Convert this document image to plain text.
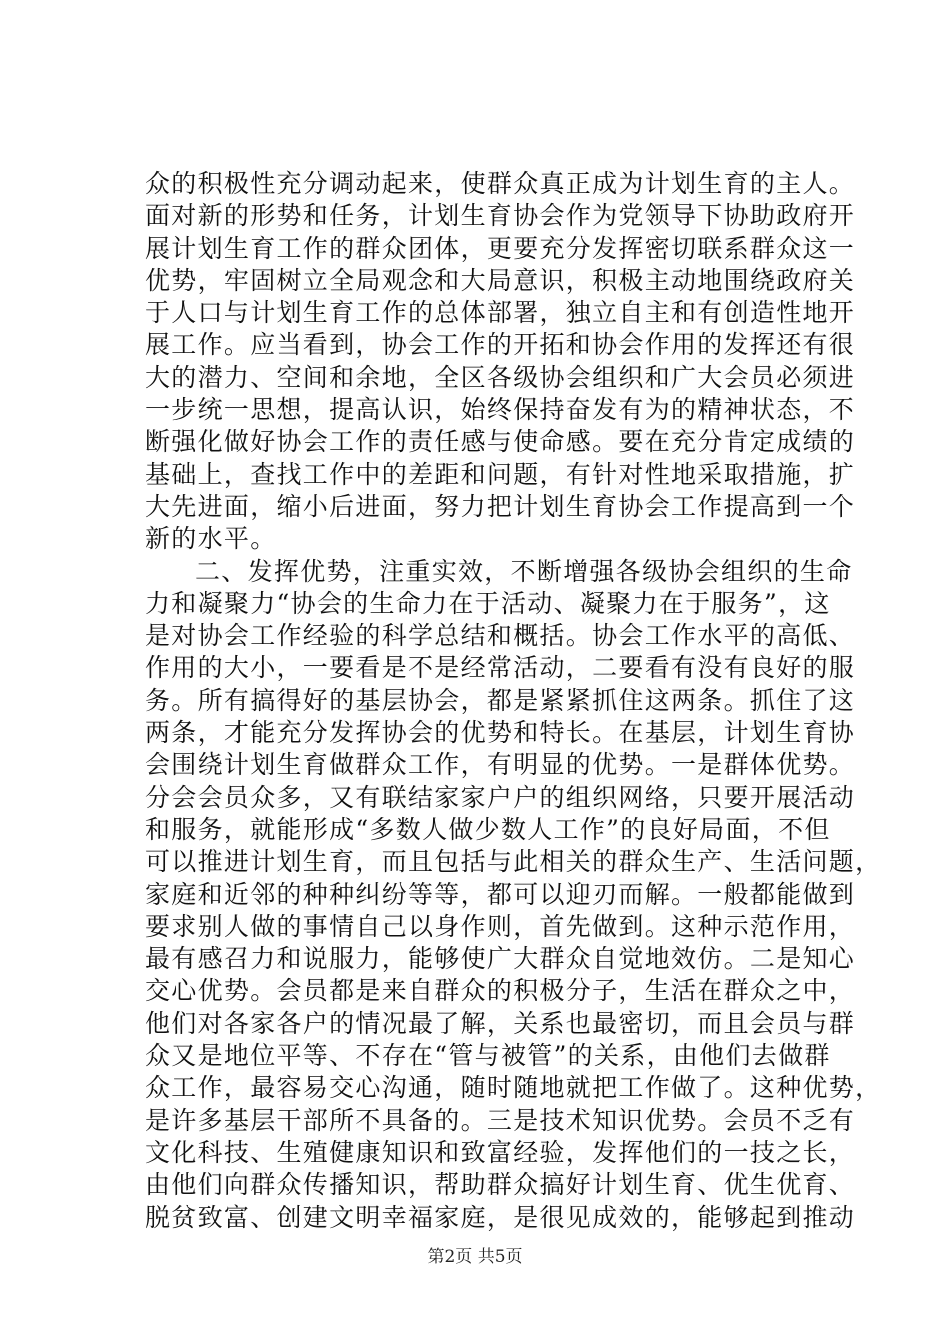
众的积极性充分调动起来，使群众真正成为计划生育的主人。
面对新的形势和任务，计划生育协会作为党领导下协助政府开
展计划生育工作的群众团体，更要充分发挥密切联系群众这一
优势，牢固树立全局观念和大局意识，积极主动地围绕政府关
于人口与计划生育工作的总体部署，独立自主和有创造性地开
展工作。应当看到，协会工作的开拓和协会作用的发挥还有很
大的潜力、空间和余地，全区各级协会组织和广大会员必须进
一步统一思想，提高认识，始终保持奋发有为的精神状态，不
断强化做好协会工作的责任感与使命感。要在充分肯定成绩的
基础上，查找工作中的差距和问题，有针对性地采取措施，扩
大先进面，缩小后进面，努力把计划生育协会工作提高到一个
新的水平。
二、发挥优势，注重实效，不断增强各级协会组织的生命
力和凝聚力“协会的生命力在于活动、凝聚力在于服务”，这
是对协会工作经验的科学总结和概括。协会工作水平的高低、
作用的大小，一要看是不是经常活动，二要看有没有良好的服
务。所有搞得好的基层协会，都是紧紧抓住这两条。抓住了这
两条，才能充分发挥协会的优势和特长。在基层，计划生育协
会围绕计划生育做群众工作，有明显的优势。一是群体优势。
分会会员众多，又有联结家家户户的组织网络，只要开展活动
和服务，就能形成“多数人做少数人工作”的良好局面，不但
可以推进计划生育，而且包括与此相关的群众生产、生活问题，
家庭和近邻的种种纠纷等等，都可以迎刃而解。一般都能做到
要求别人做的事情自己以身作则，首先做到。这种示范作用，
最有感召力和说服力，能够使广大群众自觉地效仿。二是知心
交心优势。会员都是来自群众的积极分子，生活在群众之中，
他们对各家各户的情况最了解，关系也最密切，而且会员与群
众又是地位平等、不存在“管与被管”的关系，由他们去做群
众工作，最容易交心沟通，随时随地就把工作做了。这种优势，
是许多基层干部所不具备的。三是技术知识优势。会员不乏有
文化科技、生殖健康知识和致富经验，发挥他们的一技之长，
由他们向群众传播知识，帮助群众搞好计划生育、优生优育、
脱贫致富、创建文明幸福家庭，是很见成效的，能够起到推动
第2页 共5页
